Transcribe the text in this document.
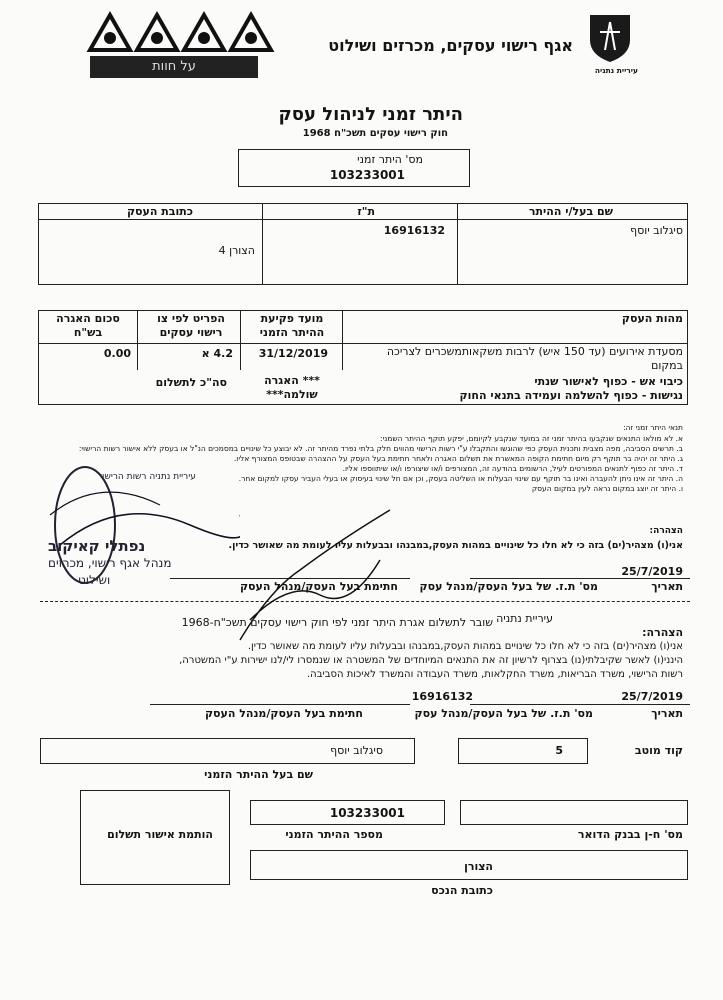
עיריית נתניה
אגף רישוי עסקים, מכרזים ושילוט
על חוות
היתר זמני לניהול עסק
חוק רישוי עסקים תשכ"ח 1968
מס' היתר זמני
103233001
שם בעל/י ההיתר
ת"ז
כתובת העסק
סיגלוב יוסף
16916132
הצורן 4
מהות העסק
מועד פקיעת ההיתר הזמני
הפריט לפי צו רישוי עסקים
סכום האגרה בש"ח
מסעדת אירועים (עד 150 איש) לרבות משקאותמשכרים לצריכה במקום
31/12/2019
4.2 א
0.00
כיבוי אש - כפוף לאישור שנתי
נגישות - כפוף להשלמה ועמידה בתנאי החוק
*** האגרה שולמה***
סה"כ לתשלום
תנאי היתר זמני זה:
א. לא מולאו התנאים שנקבעו בהיתר זמני זה במועד שנקבע לקיומם, יפקע תוקף ההיתר השמני:
ב. תרשים הסביבה, מפה מצבית ותכנית העסק כפי שהוגשו והתקבלו ע"י רשות הרישוי מהווים חלק בלתי נפרד מהיתר זה. לא יבוצע כל שינויים במסמכים הנ"ל או בעסק ללא אישור רשות הרישוי:
ג. היתר זה יהיה בר תוקף רק מיום חתימת הקופה המאשרת את תשלום האגרה ולאחר חתימת בעל העסק על ההצהרה שבטופס המצורף אליו.
ד. היתר זה כפוף לתנאים המפורטים לעיל, הרשומים בהודעה זה, המצורפים ו/או שיצורפו ו/או שיתווספו אליו.
ה. היתר זה אינו ניתן להעברה ואינו בר תוקף עם שינוי הבעלות או השליטה בעסק, וכן אם חל שינוי בעיסוק או בעלי העביר עסקו למקום אחר.
ו. היתר זה יוצג במקום נראה לעין במקום העסק
הצהרה:
אני(ו) מצהיר(ים) בזה כי לא חלו כל שינויים במהות העסק,במבנהו ובבעלות עליו לעומת מה שאושר כדין.
נפתלי קאיקוב
מנהל אגף רישוי, מכרזים
ושילוט
עיריית נתניה רשות הרישוי
25/7/2019
תאריך
מס' ת.ז. של בעל העסק/מנהל עסק
חתימת בעל העסק/מנהל העסק
עיריית נתניה
שובר לתשלום אגרת היתר זמני לפי חוק רישוי עסקים תשכ"ח-1968
הצהרה:
אני(ו) מצהיר(ים) בזה כי לא חלו כל שינויים במהות העסק,במבנהו ובבעלות עליו לעומת מה שאושר כדין.
הינני(ו) לאשר שקיבלתי(נו) בצרוף לרשיון זה את התנאים המיוחדים של המשטרה או שנמסרו לי/לנו ישירות ע"י המשטרה,
רשות הרישוי, משרד הבריאות, משרד החקלאות, משרד העבודה והמשרד לאיכות הסביבה.
25/7/2019
16916132
תאריך
מס' ת.ז. של בעל העסק/מנהל עסק
חתימת בעל העסק/מנהל העסק
קוד מוטב
5
סיגלוב יוסף
שם בעל ההיתר הזמני
הותמת אישור תשלום
103233001
מספר ההיתר הזמני	מס' ח-ן בבנק הדואר
הצורן
כתובת הנכס
